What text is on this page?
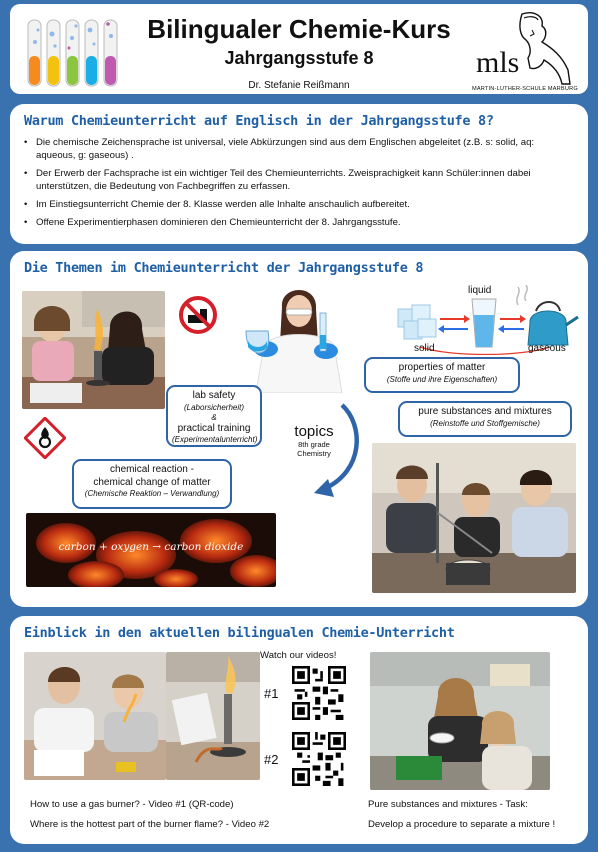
Bilingualer Chemie-Kurs
Jahrgangsstufe 8
Dr. Stefanie Reißmann
mls
MARTIN-LUTHER-SCHULE MARBURG
Warum Chemieunterricht auf Englisch in der Jahrgangsstufe 8?
• Die chemische Zeichensprache ist universal, viele Abkürzungen sind aus dem Englischen abgeleitet (z.B. s: solid, aq: aqueous, g: gaseous) .
• Der Erwerb der Fachsprache ist ein wichtiger Teil des Chemieunterrichts. Zweisprachigkeit kann Schüler:innen dabei unterstützen, die Bedeutung von Fachbegriffen zu erfassen.
• Im Einstiegsunterricht Chemie der 8. Klasse werden alle Inhalte anschaulich aufbereitet.
• Offene Experimentierphasen dominieren den Chemieunterricht der 8. Jahrgangsstufe.
Die Themen im Chemieunterricht der Jahrgangsstufe 8
liquid
solid	gaseous
lab safety
(Laborsicherheit)
&
practical training
(Experimentalunterricht)
properties of matter
(Stoffe und ihre Eigenschaften)
pure substances and mixtures
(Reinstoffe und Stoffgemische)
topics
8th grade
Chemistry
chemical reaction -
chemical change of matter
(Chemische Reaktion – Verwandlung)
carbon + oxygen → carbon dioxide
Einblick in den aktuellen bilingualen Chemie-Unterricht
Watch our videos!
#1
#2
How to use a gas burner? - Video #1 (QR-code)
Where is the hottest part of the burner flame? - Video #2
Pure substances and mixtures - Task:
Develop a procedure to separate a mixture !
